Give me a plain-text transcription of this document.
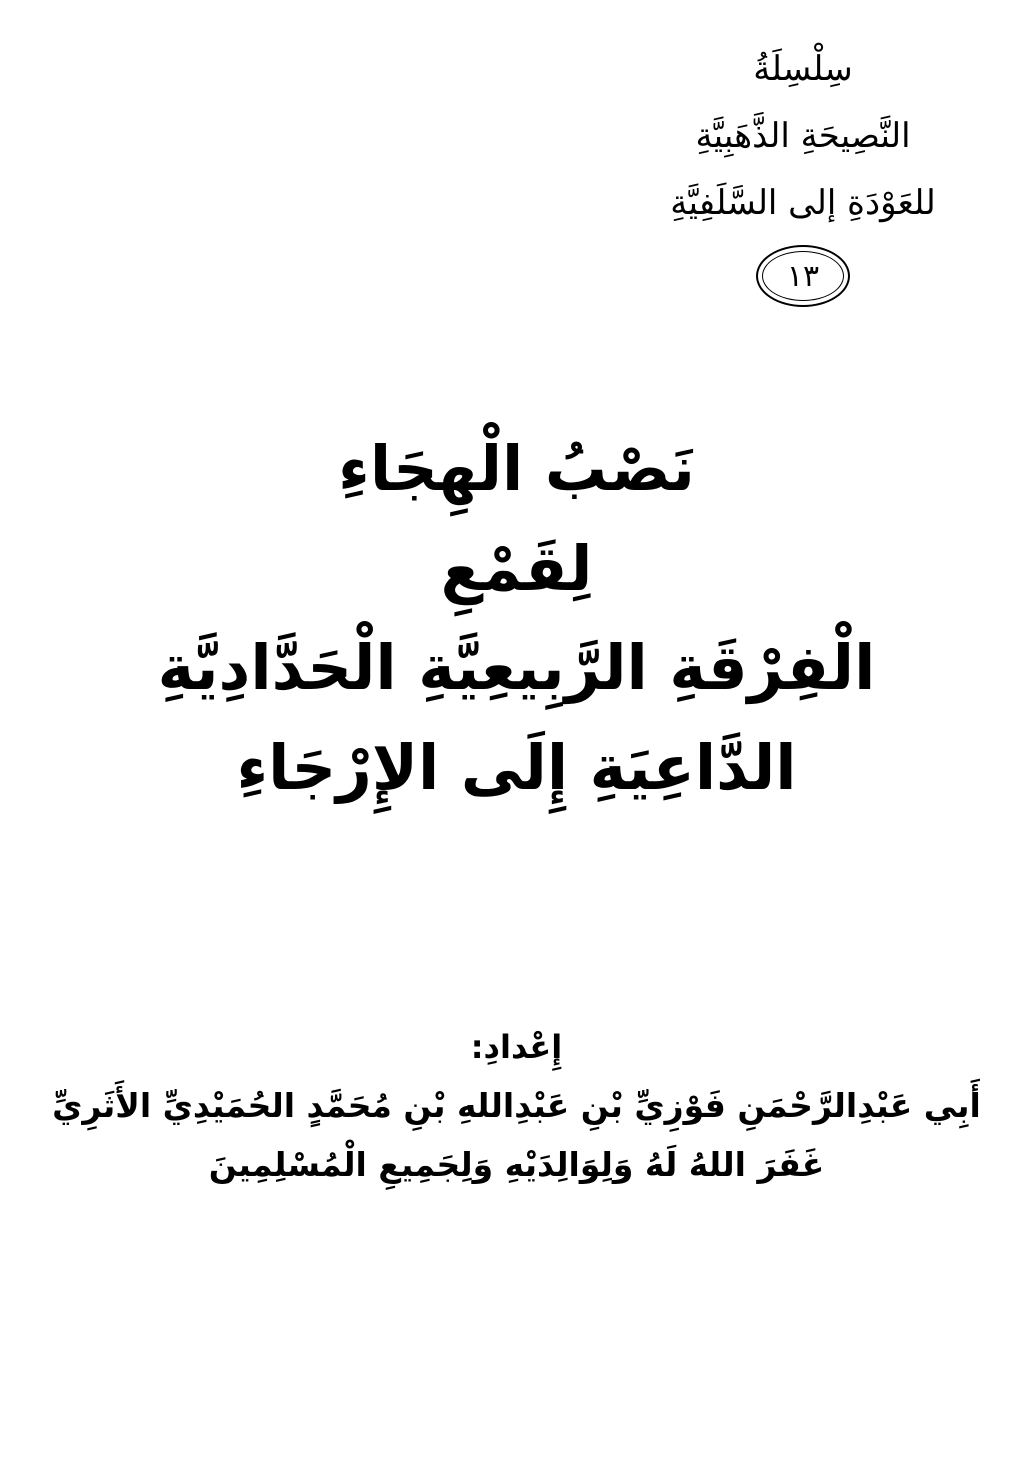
سِلْسِلَةُ

النَّصِيحَةِ الذَّهَبِيَّةِ

للعَوْدَةِ إلى السَّلَفِيَّةِ

١٣

نَصْبُ الْهِجَاءِ

لِقَمْعِ

الْفِرْقَةِ الرَّبِيعِيَّةِ الْحَدَّادِيَّةِ

الدَّاعِيَةِ إِلَى الإِرْجَاءِ

إِعْدادِ:

أَبِي عَبْدِالرَّحْمَنِ فَوْزِيِّ بْنِ عَبْدِاللهِ بْنِ مُحَمَّدٍ الحُمَيْدِيِّ الأَثَرِيِّ

غَفَرَ اللهُ لَهُ وَلِوَالِدَيْهِ وَلِجَمِيعِ الْمُسْلِمِينَ
